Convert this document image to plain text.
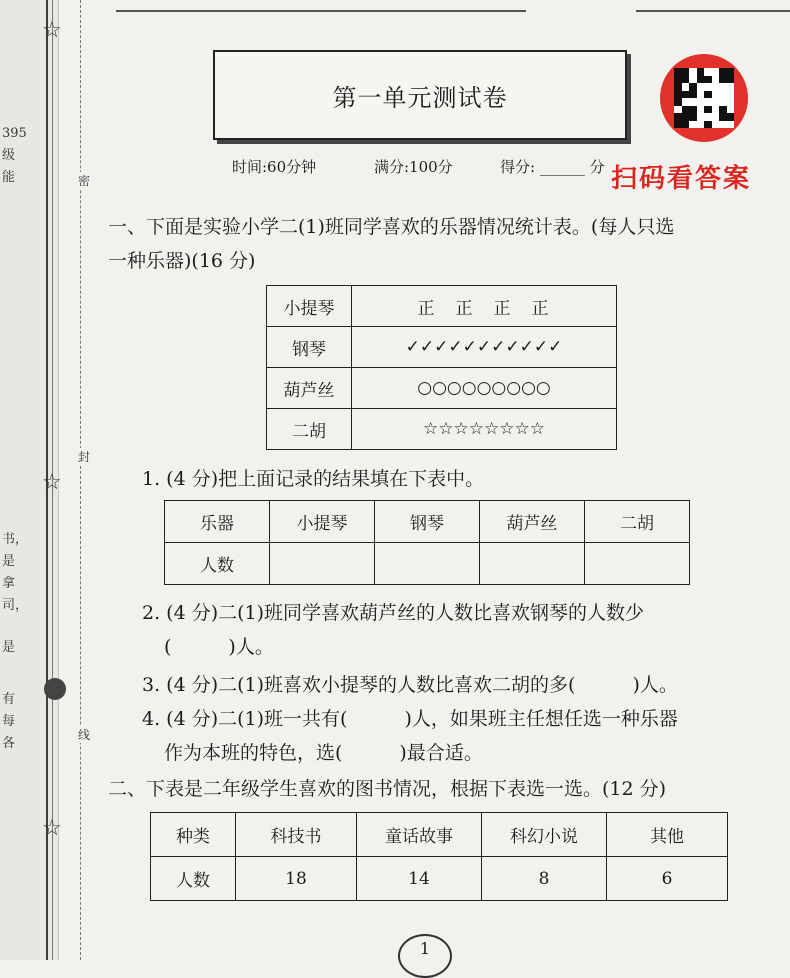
395
级
能
书，
是
拿
司，
是
有
每
各
☆
☆
☆
密
封
线
第一单元测试卷
扫码看答案
时间:60分钟	满分:100分	得分: ______ 分
一、下面是实验小学二(1)班同学喜欢的乐器情况统计表。(每人只选
一种乐器)(16 分)
小提琴	正　正　正　正
钢琴	✓✓✓✓✓✓✓✓✓✓✓
葫芦丝	○○○○○○○○○
二胡	☆☆☆☆☆☆☆☆
1. (4 分)把上面记录的结果填在下表中。
乐器	小提琴	钢琴	葫芦丝	二胡
人数				
2. (4 分)二(1)班同学喜欢葫芦丝的人数比喜欢钢琴的人数少
(　　　)人。
3. (4 分)二(1)班喜欢小提琴的人数比喜欢二胡的多(　　　)人。
4. (4 分)二(1)班一共有(　　　)人，如果班主任想任选一种乐器
作为本班的特色，选(　　　)最合适。
二、下表是二年级学生喜欢的图书情况，根据下表选一选。(12 分)
种类	科技书	童话故事	科幻小说	其他
人数	18	14	8	6
1
